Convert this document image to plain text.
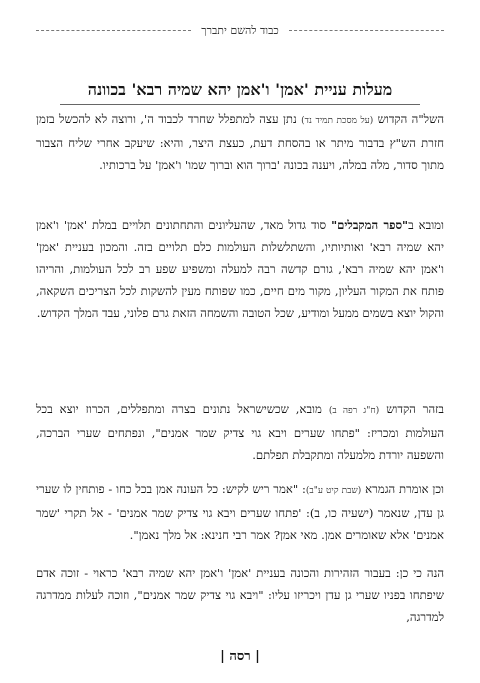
כבוד להשם יתברך
מעלות עניית 'אמן' ו'אמן יהא שמיה רבא' בכוונה

השל"ה הקדוש (על מסכת תמיד נד) נתן עצה למתפלל שחרד לכבוד ה', ורוצה לא להכשל בזמן חזרת הש"ץ בדבור מיתר או בהסחת דעת, כעצת היצר, והיא: שיעקב אחרי שליח הצבור מתוך סדור, מלה במלה, ויענה בכונה 'ברוך הוא וברוך שמו' ו'אמן' על ברכותיו.

ומובא ב"ספר המקבלים" סוד גדול מאד, שהעליונים והתחתונים תלויים במלת 'אמן' ו'אמן יהא שמיה רבא' ואותיותיו, והשתלשלות העולמות כלם תלויים בזה. והמכון בעניית 'אמן' ו'אמן יהא שמיה רבא', גורם קדשה רבה למעלה ומשפיע שפע רב לכל העולמות, והריהו פותח את המקור העליון, מקור מים חיים, כמו שפותח מעין להשקות לכל הצריכים השקאה, והקול יוצא בשמים ממעל ומודיע, שכל הטובה והשמחה הזאת גרם פלוני, עבד המלך הקדוש.

בזהר הקדוש (ח"ג רפה ב) מובא, שכשישראל נתונים בצרה ומתפללים, הכרוז יוצא בכל העולמות ומכריז: "פתחו שערים ויבא גוי צדיק שמר אמנים", ונפתחים שערי הברכה, והשפעה יורדת מלמעלה ומתקבלת תפלתם.

וכן אומרת הגמרא (שבת קיט ע"ב): "אמר ריש לקיש: כל העונה אמן בכל כחו - פותחין לו שערי גן עדן, שנאמר (ישעיה כו, ב): 'פתחו שערים ויבא גוי צדיק שמר אמנים' - אל תקרי 'שמר אמנים' אלא שאומרים אמן. מאי אמן? אמר רבי חנינא: אל מלך נאמן".

הנה כי כן: בעבור הזהירות והכונה בעניית 'אמן' ו'אמן יהא שמיה רבא' כראוי - זוכה אדם שיפתחו בפניו שערי גן עדן ויכריזו עליו: "ויבא גוי צדיק שמר אמנים", וזוכה לעלות ממדרגה למדרגה,

| רסה |
